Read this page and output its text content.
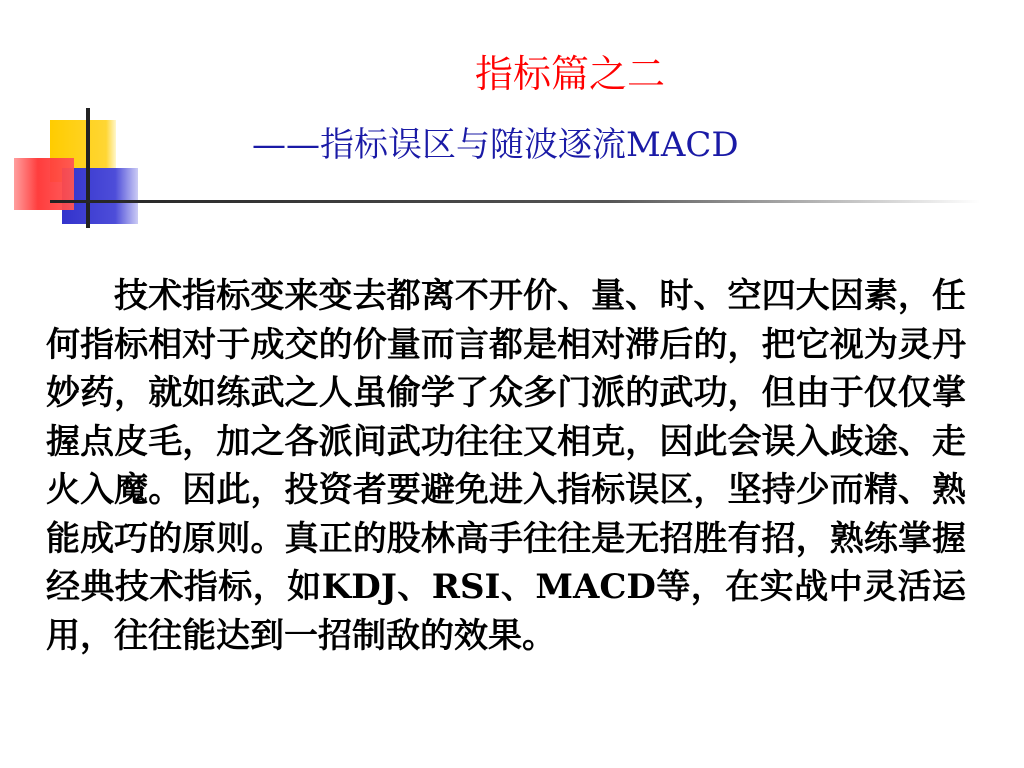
指标篇之二
——指标误区与随波逐流MACD

技术指标变来变去都离不开价、量、时、空四大因素，任何指标相对于成交的价量而言都是相对滞后的，把它视为灵丹妙药，就如练武之人虽偷学了众多门派的武功，但由于仅仅掌握点皮毛，加之各派间武功往往又相克，因此会误入歧途、走火入魔。因此，投资者要避免进入指标误区，坚持少而精、熟能成巧的原则。真正的股林高手往往是无招胜有招，熟练掌握经典技术指标，如KDJ、RSI、MACD等，在实战中灵活运用，往往能达到一招制敌的效果。
